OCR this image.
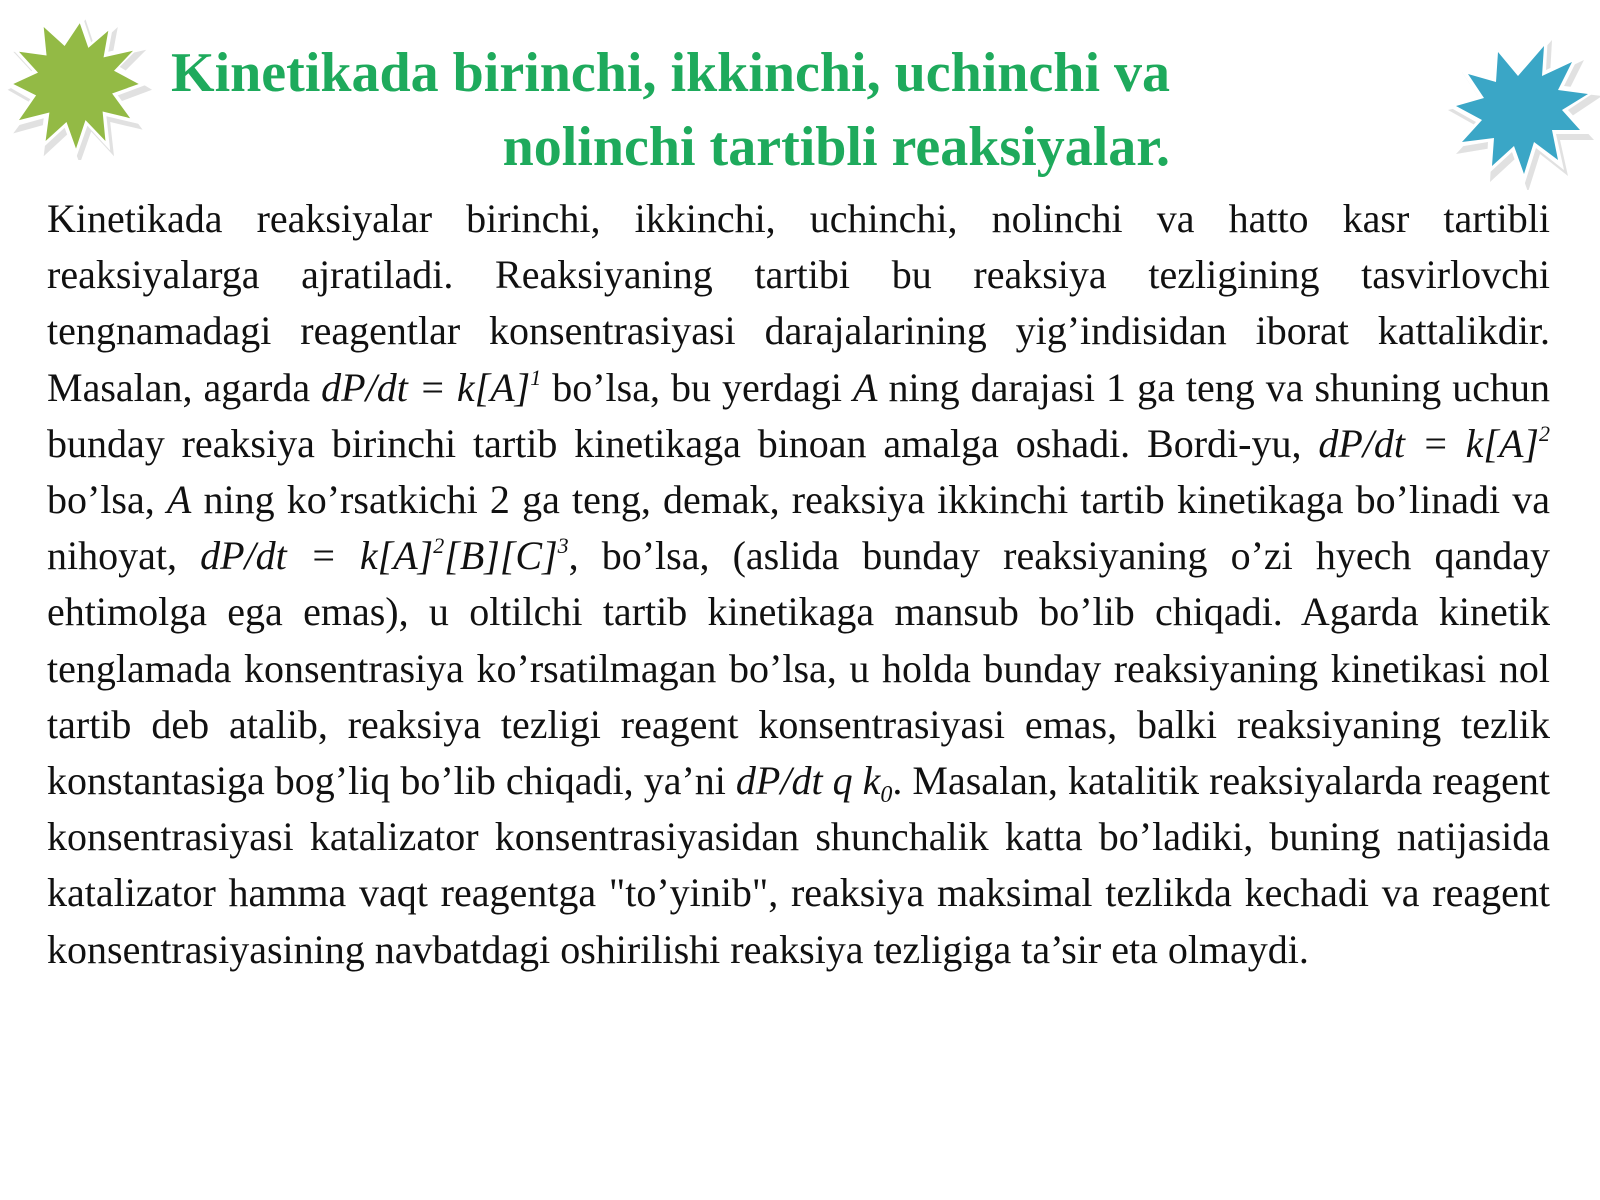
Kinetikada birinchi, ikkinchi, uchinchi va
nolinchi tartibli reaksiyalar.

Kinetikada reaksiyalar birinchi, ikkinchi, uchinchi, nolinchi va hatto kasr tartibli reaksiyalarga ajratiladi. Reaksiyaning tartibi bu reaksiya tezligining tasvirlovchi tengnamadagi reagentlar konsentrasiyasi darajalarining yig’indisidan iborat kattalikdir. Masalan, agarda $dP/dt = k[A]^1$ bo’lsa, bu yerdagi A ning darajasi 1 ga teng va shuning uchun bunday reaksiya birinchi tartib kinetikaga binoan amalga oshadi. Bordi-yu, $dP/dt = k[A]^2$ bo’lsa, A ning ko’rsatkichi 2 ga teng, demak, reaksiya ikkinchi tartib kinetikaga bo’linadi va nihoyat, $dP/dt = k[A]^2[B][C]^3$, bo’lsa, (aslida bunday reaksiyaning o’zi hyech qanday ehtimolga ega emas), u oltilchi tartib kinetikaga mansub bo’lib chiqadi. Agarda kinetik tenglamada konsentrasiya ko’rsatilmagan bo’lsa, u holda bunday reaksiyaning kinetikasi nol tartib deb atalib, reaksiya tezligi reagent konsentrasiyasi emas, balki reaksiyaning tezlik konstantasiga bog’liq bo’lib chiqadi, ya’ni dP/dt q $k_0$. Masalan, katalitik reaksiyalarda reagent konsentrasiyasi katalizator konsentrasiyasidan shunchalik katta bo’ladiki, buning natijasida katalizator hamma vaqt reagentga "to’yinib", reaksiya maksimal tezlikda kechadi va reagent konsentrasiyasining navbatdagi oshirilishi reaksiya tezligiga ta’sir eta olmaydi.
